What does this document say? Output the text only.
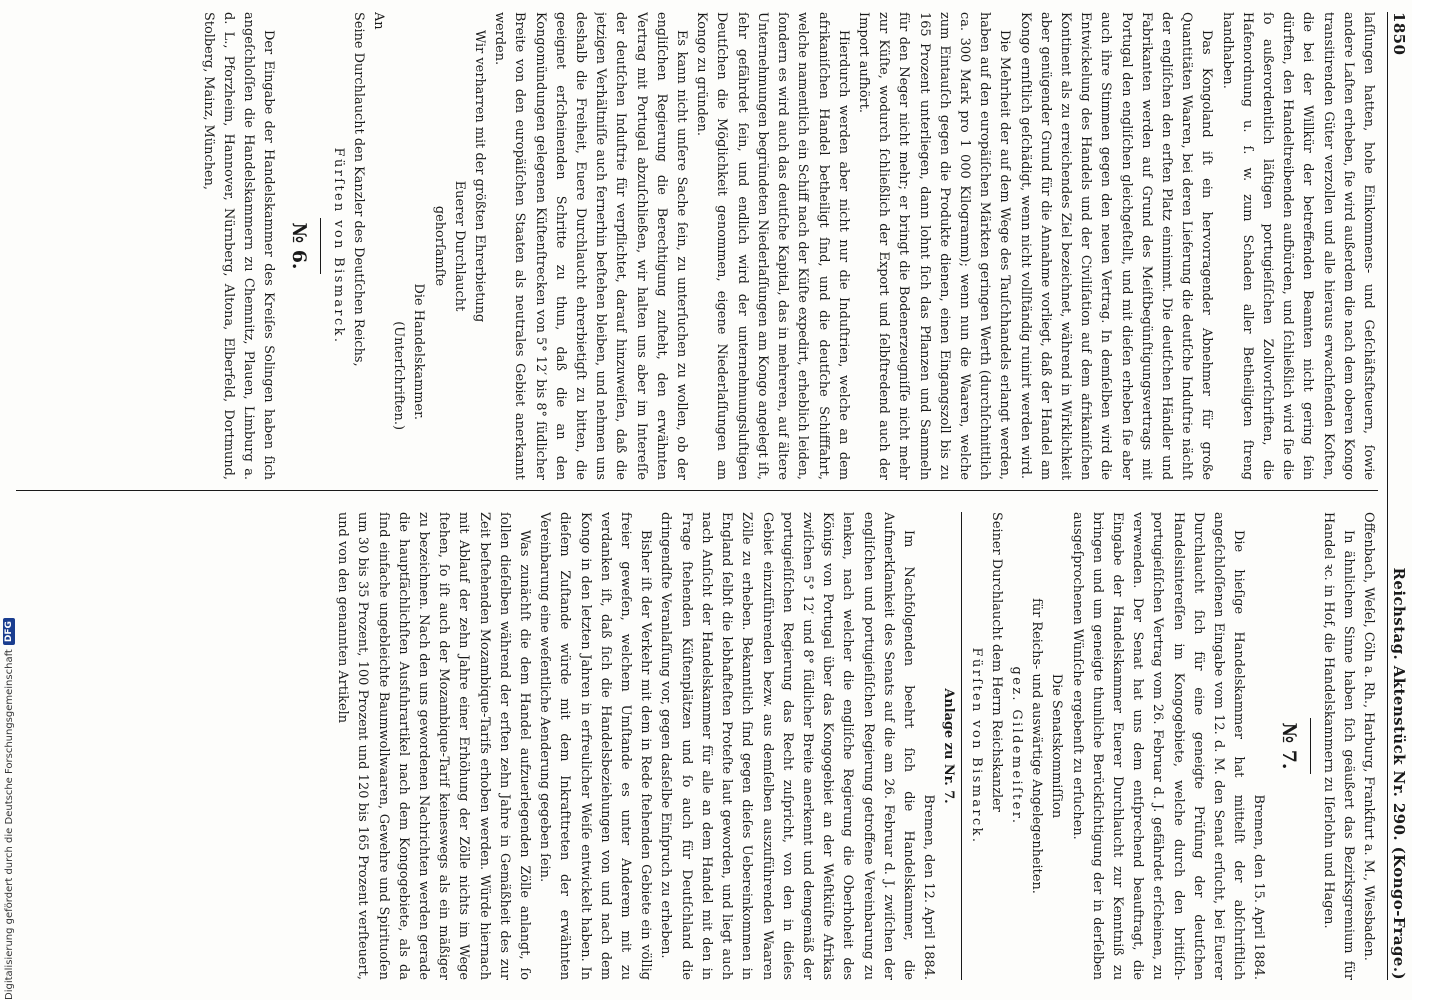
1850
Reichstag. Aktenstück Nr. 290. (Kongo-Frage.)

laſſungen hatten, hohe Einkommens- und Geſchäftsſteuern, ſowie andere Laſten erheben, ſie wird außerdem die nach dem oberen Kongo transitirenden Güter verzollen und alle hieraus erwachſenden Koſten, die bei der Willkür der betreffenden Beamten nicht gering ſein dürften, den Handeltreibenden aufbürden, und ſchließlich wird ſie die ſo außerordentlich läſtigen portugieſiſchen Zollvorſchriften, die Hafenordnung u. ſ. w. zum Schaden aller Betheiligten ſtreng handhaben.

Das Kongoland iſt ein hervorragender Abnehmer für große Quantitäten Waaren, bei deren Lieferung die deutſche Induſtrie nächſt der engliſchen den erſten Platz einnimmt. Die deutſchen Händler und Fabrikanten werden auf Grund des Meiſtbegünſtigungsvertrags mit Portugal den engliſchen gleichgeſtellt, und mit dieſen erheben ſie aber auch ihre Stimmen gegen den neuen Vertrag. In demſelben wird die Entwickelung des Handels und der Civiliſation auf dem afrikaniſchen Kontinent als zu erreichendes Ziel bezeichnet, während in Wirklichkeit aber genügender Grund für die Annahme vorliegt, daß der Handel am Kongo ernſtlich geſchädigt, wenn nicht vollſtändig ruinirt werden wird.

Die Mehrheit der auf dem Wege des Tauſchhandels erlangt werden, haben auf den europäiſchen Märkten geringen Werth (durchſchnittlich ca. 300 Mark pro 1 000 Kilogramm); wenn nun die Waaren, welche zum Eintauſch gegen die Produkte dienen, einen Eingangszoll bis zu 165 Prozent unterliegen, dann lohnt ſich das Pflanzen und Sammeln für den Neger nicht mehr; er bringt die Bodenerzeugniſſe nicht mehr zur Küſte, wodurch ſchließlich der Export und ſelbſtredend auch der Import aufhört.

Hierdurch werden aber nicht nur die Induſtrien, welche an dem afrikaniſchen Handel betheiligt ſind, und die deutſche Schifffahrt, welche namentlich ein Schiff nach der Küſte expedirt, erheblich leiden, ſondern es wird auch das deutſche Kapital, das in mehreren, auf ältere Unternehmungen begründeten Niederlaſſungen am Kongo angelegt iſt, ſehr gefährdet ſein, und endlich wird der unternehmungsluſtigen Deutſchen die Möglichkeit genommen, eigene Niederlaſſungen am Kongo zu gründen.

Es kann nicht unſere Sache ſein, zu unterſuchen zu wollen, ob der engliſchen Regierung die Berechtigung zuſteht, den erwähnten Vertrag mit Portugal abzuſchließen, wir halten uns aber im Intereſſe der deutſchen Induſtrie für verpflichtet, darauf hinzuweiſen, daß die jetzigen Verhältniſſe auch fernerhin beſtehen bleiben, und nehmen uns deshalb die Freiheit, Euere Durchlaucht ehrerbietigſt zu bitten, die geeignet erſcheinenden Schritte zu thun, daß die an den Kongomündungen gelegenen Küſtenſtrecken von 5° 12′ bis 8° ſüdlicher Breite von den europäiſchen Staaten als neutrales Gebiet anerkannt werden.

Wir verharren mit der größten Ehrerbietung

Euerer Durchlaucht
gehorſamſte
Die Handelskammer.
(Unterſchriften.)
An
Seine Durchlaucht den Kanzler des Deutſchen Reichs,
Fürſten von Bismarck.
№ 6.

Der Eingabe der Handelskammer des Kreiſes Solingen haben ſich angeſchloſſen die Handelskammern zu Chemnitz, Plauen, Limburg a. d. L., Pforzheim, Hannover, Nürnberg, Altona, Elberfeld, Dortmund, Stolberg, Mainz, München,

Offenbach, Weſel, Cöln a. Rh., Harburg, Frankfurt a. M., Wiesbaden.

In ähnlichem Sinne haben ſich geäußert das Bezirksgremium für Handel ꝛc. in Hof, die Handelskammern zu Iſerlohn und Hagen.

№ 7.
Bremen, den 15. April 1884.

Die hieſige Handelskammer hat mittelſt der abſchriftlich angeſchloſſenen Eingabe vom 12. d. M. den Senat erſucht, bei Euerer Durchlaucht ſich für eine geneigte Prüfung der deutſchen Handelsintereſſen im Kongogebiete, welche durch den britiſch-portugieſiſchen Vertrag vom 26. Februar d. J. gefährdet erſcheinen, zu verwenden. Der Senat hat uns dem entſprechend beauftragt, die Eingabe der Handelskammer Euerer Durchlaucht zur Kenntniß zu bringen und um geneigte thunliche Berückſichtigung der in derſelben ausgeſprochenen Wünſche ergebenſt zu erſuchen.

Die Senatskommiſſion
für Reichs- und auswärtige Angelegenheiten.
gez. Gildemeiſter.
Seiner Durchlaucht dem Herrn Reichskanzler
Fürſten von Bismarck.
Anlage zu Nr. 7.
Bremen, den 12. April 1884.

Im Nachfolgenden beehrt ſich die Handelskammer, die Aufmerkſamkeit des Senats auf die am 26. Februar d. J. zwiſchen der engliſchen und portugieſiſchen Regierung getroffene Vereinbarung zu lenken, nach welcher die engliſche Regierung die Oberhoheit des Königs von Portugal über das Kongogebiet an der Weſtküſte Afrikas zwiſchen 5° 12′ und 8° ſüdlicher Breite anerkennt und demgemäß der portugieſiſchen Regierung das Recht zuſpricht, von den in dieſes Gebiet einzuführenden bezw. aus demſelben auszuführenden Waaren Zölle zu erheben. Bekanntlich ſind gegen dieſes Uebereinkommen in England ſelbſt die lebhafteſten Proteſte laut geworden, und liegt auch nach Anſicht der Handelskammer für alle an dem Handel mit den in Frage ſtehenden Küſtenplätzen und ſo auch für Deutſchland die dringendſte Veranlaſſung vor, gegen dasſelbe Einſpruch zu erheben.

Bisher iſt der Verkehr mit dem in Rede ſtehenden Gebiete ein völlig freier geweſen, welchem Umſtande es unter Anderem mit zu verdanken iſt, daß ſich die Handelsbeziehungen von und nach dem Kongo in den letzten Jahren in erfreulicher Weiſe entwickelt haben. In dieſem Zuſtande würde mit dem Inkrafttreten der erwähnten Vereinbarung eine weſentliche Aenderung gegeben ſein.

Was zunächſt die dem Handel aufzuerlegenden Zölle anlangt, ſo ſollen dieſelben während der erſten zehn Jahre in Gemäßheit des zur Zeit beſtehenden Mozambique-Tarifs erhoben werden. Würde hiernach mit Ablauf der zehn Jahre einer Erhöhung der Zölle nichts im Wege ſtehen, ſo iſt auch der Mozambique-Tarif keineswegs als ein mäßiger zu bezeichnen. Nach den uns gewordenen Nachrichten werden gerade die hauptſächlichſten Ausfuhrartikel nach dem Kongogebiete, als da ſind einfache ungebleichte Baumwollwaaren, Gewehre und Spirituoſen um 30 bis 35 Prozent, 100 Prozent und 120 bis 165 Prozent verſteuert, und von den genannten Artikeln

Digitalisierung gefördert durch die Deutsche Forschungsgemeinschaft
DFG
